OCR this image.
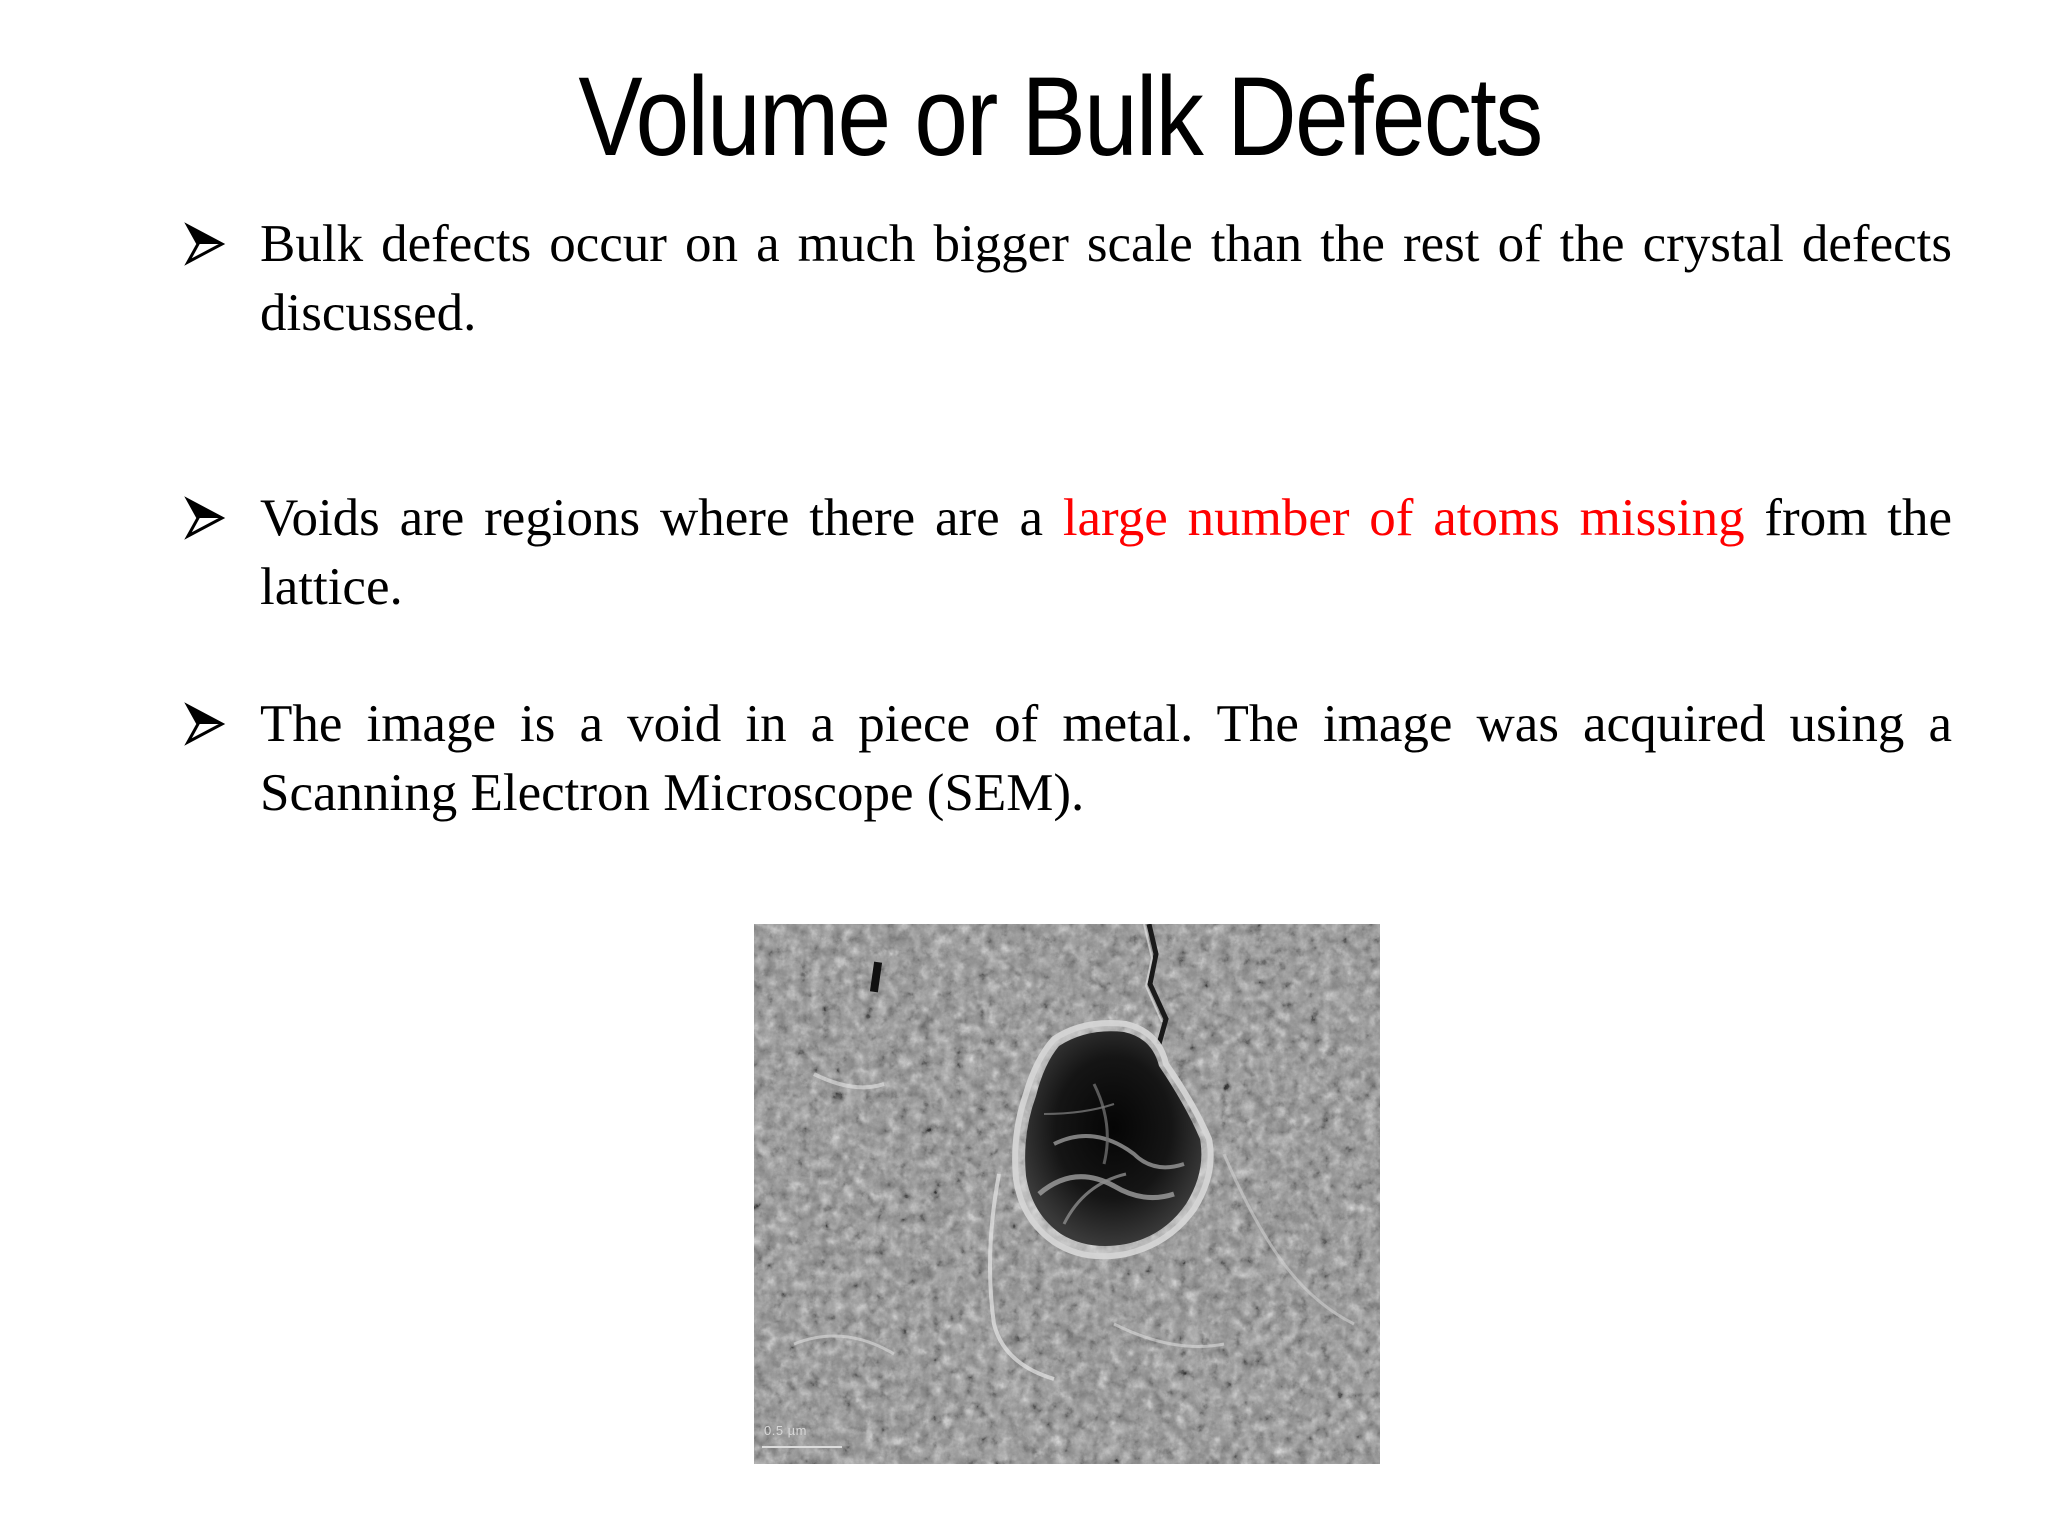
Volume or Bulk Defects
Bulk defects occur on a much bigger scale than the rest of the crystal defects discussed.
Voids are regions where there are a large number of atoms missing from the lattice.
The image is a void in a piece of metal. The image was acquired using a Scanning Electron Microscope (SEM).
0.5 µm
